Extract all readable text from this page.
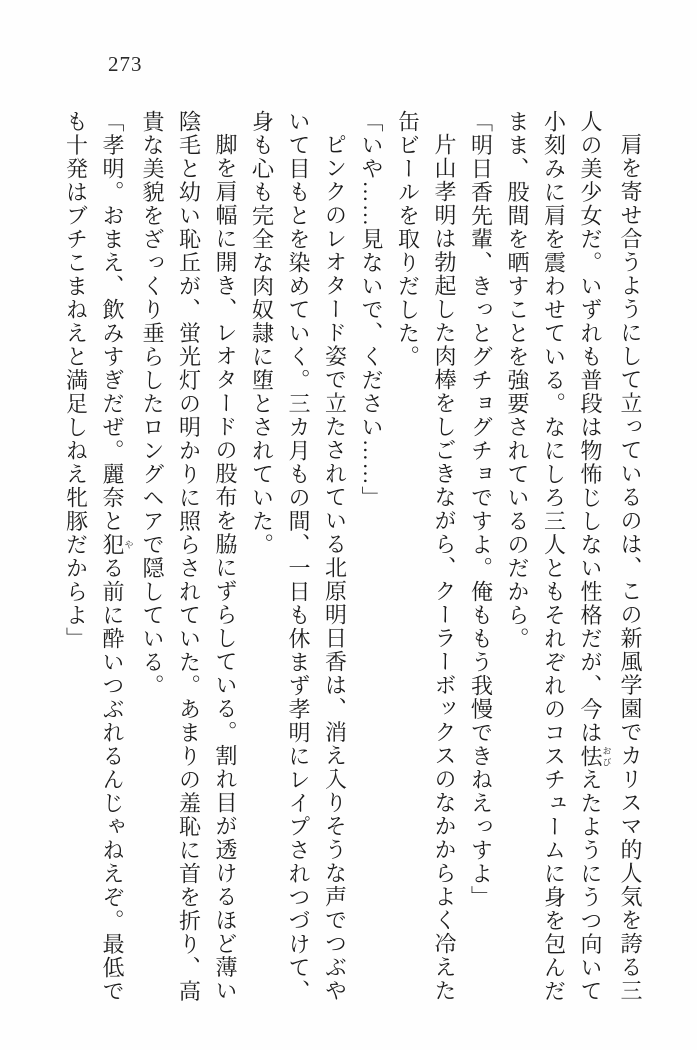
273
肩を寄せ合うようにして立っているのは、この新風学園でカリスマ的人気を誇る三
人の美少女だ。いずれも普段は物怖じしない性格だが、今は怯おびえたようにうつ向いて
小刻みに肩を震わせている。なにしろ三人ともそれぞれのコスチュームに身を包んだ
まま、股間を晒すことを強要されているのだから。
「明日香先輩、きっとグチョグチョですよ。俺ももう我慢できねえっすよ」
片山孝明は勃起した肉棒をしごきながら、クーラーボックスのなかからよく冷えた
缶ビールを取りだした。
「いや……見ないで、ください……」
ピンクのレオタード姿で立たされている北原明日香は、消え入りそうな声でつぶや
いて目もとを染めていく。三カ月もの間、一日も休まず孝明にレイプされつづけて、
身も心も完全な肉奴隷に堕とされていた。
脚を肩幅に開き、レオタードの股布を脇にずらしている。割れ目が透けるほど薄い
陰毛と幼い恥丘が、蛍光灯の明かりに照らされていた。あまりの羞恥に首を折り、高
貴な美貌をざっくり垂らしたロングヘアで隠している。
「孝明。おまえ、飲みすぎだぜ。麗奈と犯やる前に酔いつぶれるんじゃねえぞ。最低で
も十発はブチこまねえと満足しねえ牝豚だからよ」
